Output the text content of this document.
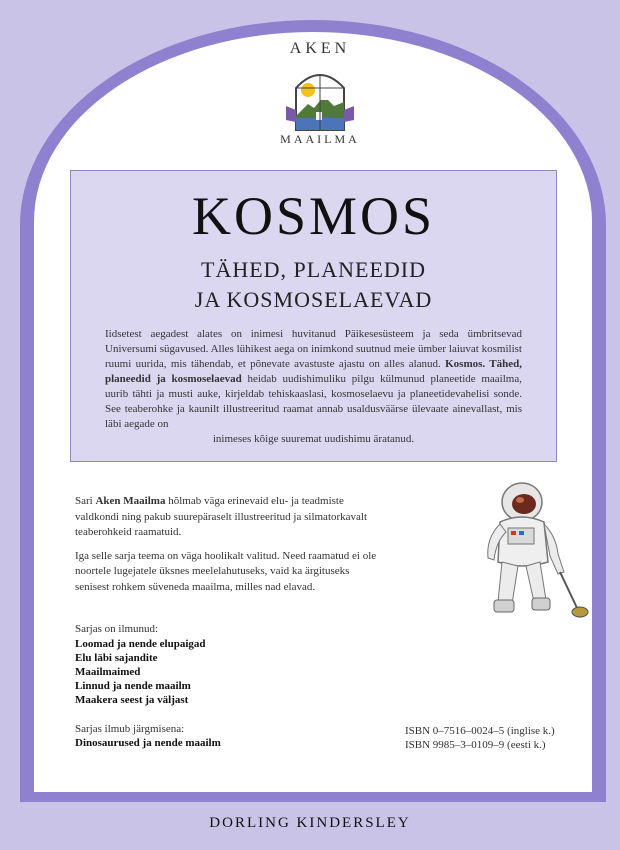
AKEN
MAAILMA
KOSMOS
TÄHED, PLANEEDID
JA KOSMOSELAEVAD
Iidsetest aegadest alates on inimesi huvitanud Päikesesüsteem ja seda ümbritsevad Universumi sügavused. Alles lühikest aega on inimkond suutnud meie ümber laiuvat kosmilist ruumi uurida, mis tähendab, et põnevate avastuste ajastu on alles alanud. Kosmos. Tähed, planeedid ja kosmoselaevad heidab uudishimuliku pilgu külmunud planeetide maailma, uurib tähti ja musti auke, kirjeldab tehiskaaslasi, kosmoselaevu ja planeetidevahelisi sonde. See teaberohke ja kaunilt illustreeritud raamat annab usaldusväärse ülevaate ainevallast, mis läbi aegade on
inimeses kõige suuremat uudishimu äratanud.

Sari Aken Maailma hõlmab väga erinevaid elu- ja teadmiste valdkondi ning pakub suurepäraselt illustreeritud ja silmatorkavalt teaberohkeid raamatuid.

Iga selle sarja teema on väga hoolikalt valitud. Need raamatud ei ole noortele lugejatele üksnes meelelahutuseks, vaid ka ärgituseks senisest rohkem süveneda maailma, milles nad elavad.

Sarjas on ilmunud:
Loomad ja nende elupaigad
Elu läbi sajandite
Maailmaimed
Linnud ja nende maailm
Maakera seest ja väljast
Sarjas ilmub järgmisena:
Dinosaurused ja nende maailm
ISBN 0–7516–0024–5 (inglise k.)
ISBN 9985–3–0109–9 (eesti k.)
DORLING KINDERSLEY
